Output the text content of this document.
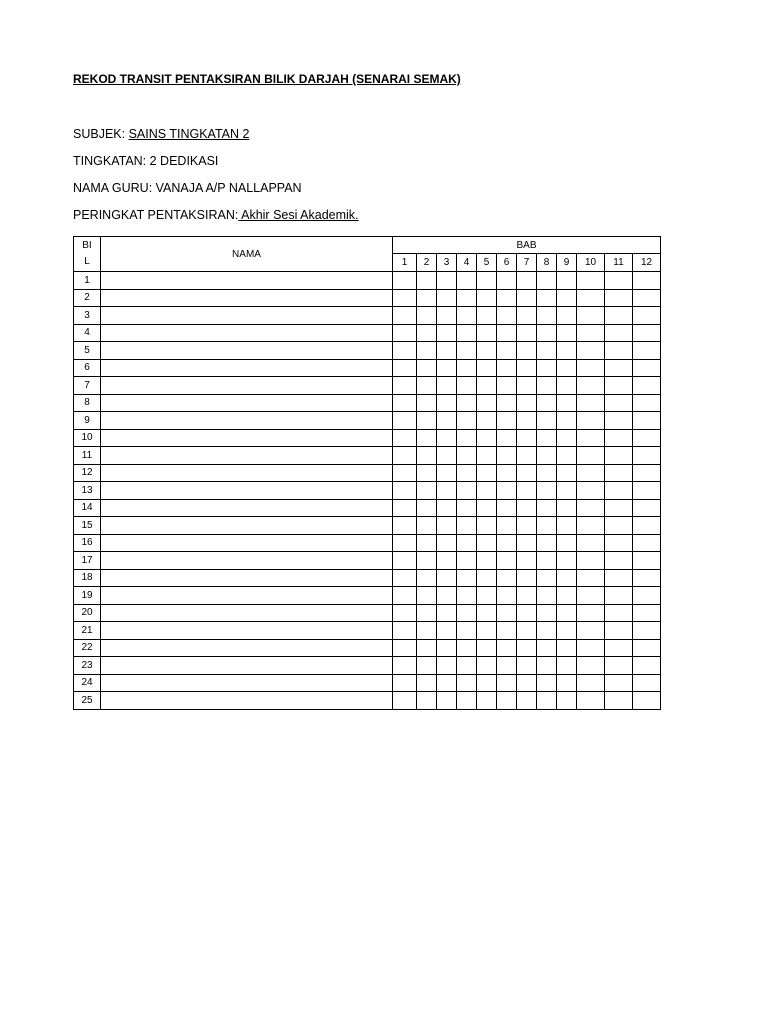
REKOD TRANSIT PENTAKSIRAN BILIK DARJAH (SENARAI SEMAK)
SUBJEK: SAINS TINGKATAN 2
TINGKATAN: 2 DEDIKASI
NAMA GURU: VANAJA A/P NALLAPPAN
PERINGKAT PENTAKSIRAN: Akhir Sesi Akademik.
BI
L	NAMA	BAB											
		1	2	3	4	5	6	7	8	9	10	11	12
1													
2													
3													
4													
5													
6													
7													
8													
9													
10													
11													
12													
13													
14													
15													
16													
17													
18													
19													
20													
21													
22													
23													
24													
25													
